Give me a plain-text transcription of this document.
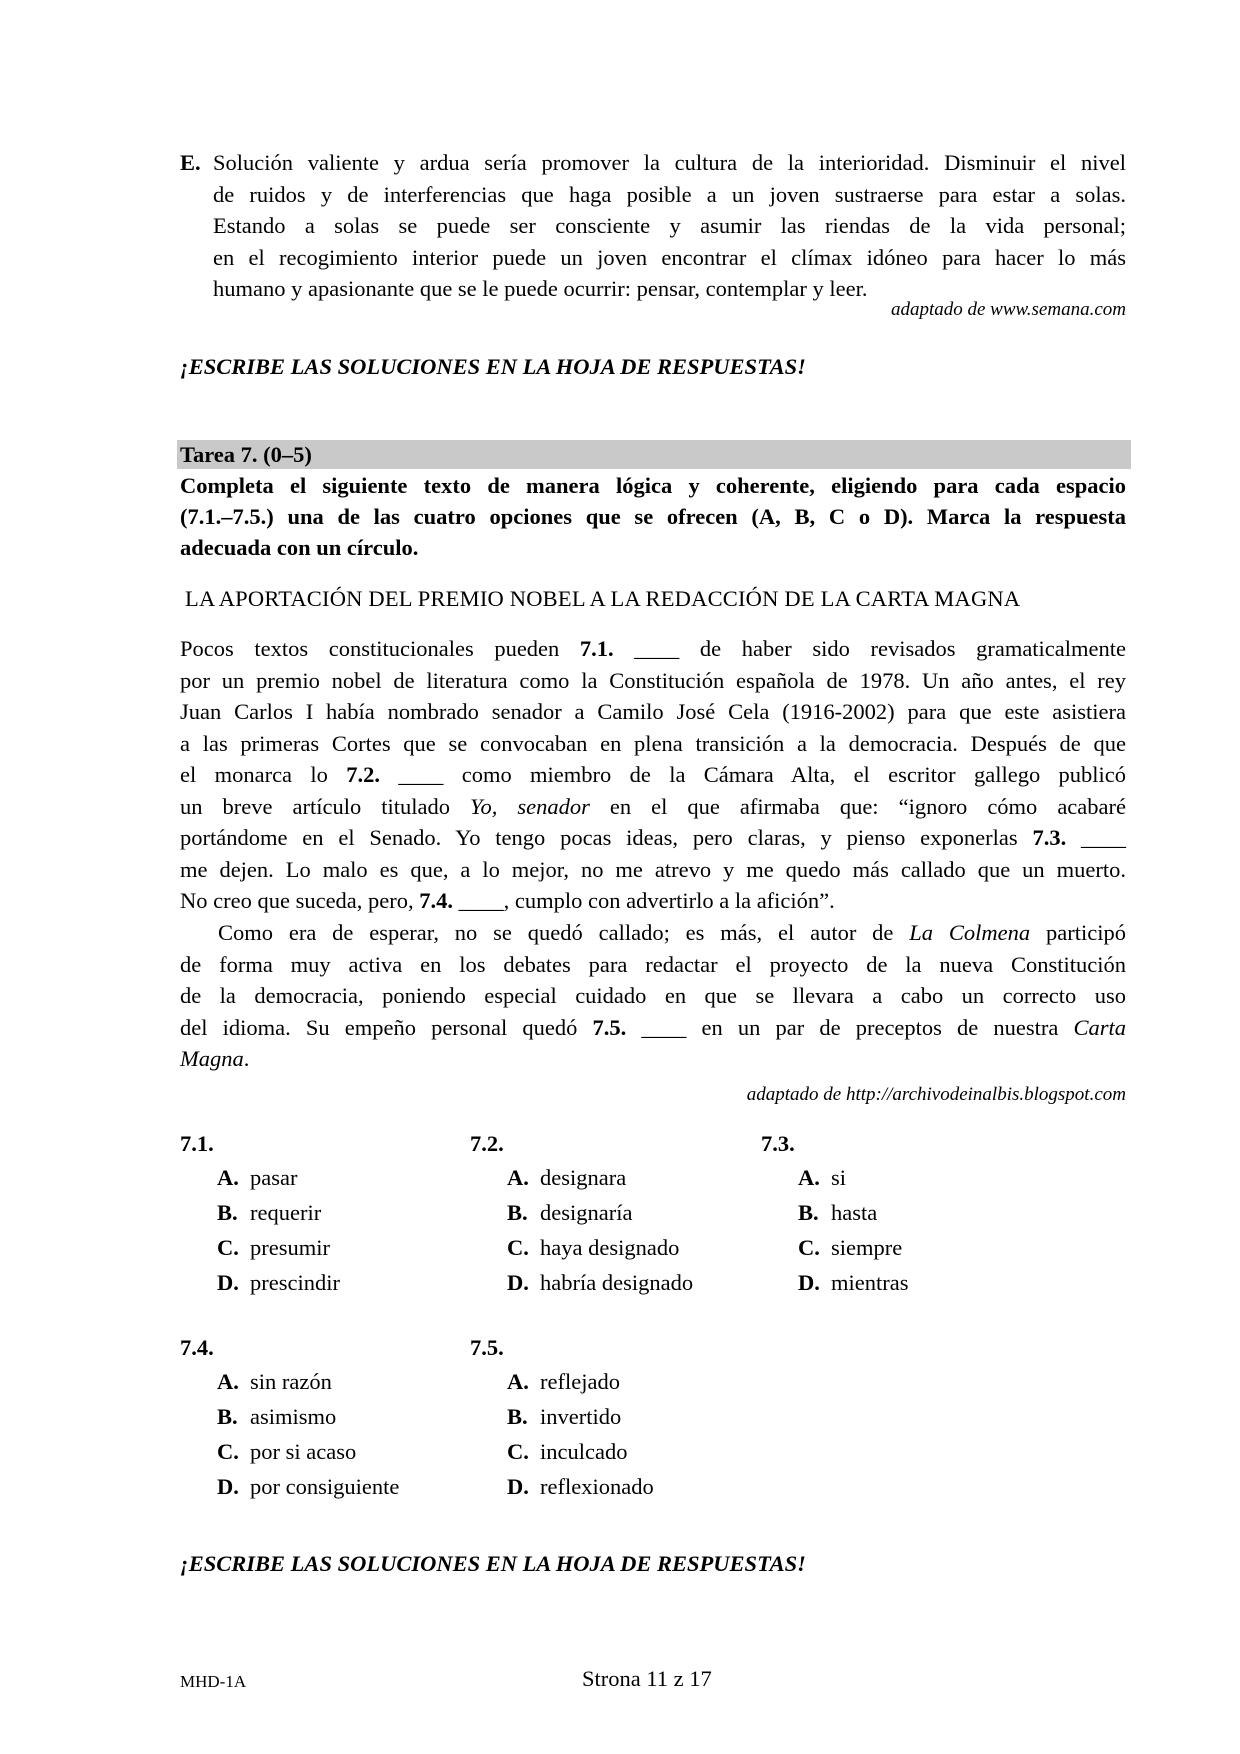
E. Solución valiente y ardua sería promover la cultura de la interioridad. Disminuir el nivel
de ruidos y de interferencias que haga posible a un joven sustraerse para estar a solas.
Estando a solas se puede ser consciente y asumir las riendas de la vida personal;
en el recogimiento interior puede un joven encontrar el clímax idóneo para hacer lo más
humano y apasionante que se le puede ocurrir: pensar, contemplar y leer.
adaptado de www.semana.com
¡ESCRIBE LAS SOLUCIONES EN LA HOJA DE RESPUESTAS!
Tarea 7. (0–5)
Completa el siguiente texto de manera lógica y coherente, eligiendo para cada espacio
(7.1.–7.5.) una de las cuatro opciones que se ofrecen (A, B, C o D). Marca la respuesta
adecuada con un círculo.
LA APORTACIÓN DEL PREMIO NOBEL A LA REDACCIÓN DE LA CARTA MAGNA
Pocos textos constitucionales pueden 7.1. ____ de haber sido revisados gramaticalmente
por un premio nobel de literatura como la Constitución española de 1978. Un año antes, el rey
Juan Carlos I había nombrado senador a Camilo José Cela (1916-2002) para que este asistiera
a las primeras Cortes que se convocaban en plena transición a la democracia. Después de que
el monarca lo 7.2. ____ como miembro de la Cámara Alta, el escritor gallego publicó
un breve artículo titulado Yo, senador en el que afirmaba que: “ignoro cómo acabaré
portándome en el Senado. Yo tengo pocas ideas, pero claras, y pienso exponerlas 7.3. ____
me dejen. Lo malo es que, a lo mejor, no me atrevo y me quedo más callado que un muerto.
No creo que suceda, pero, 7.4. ____, cumplo con advertirlo a la afición”.
Como era de esperar, no se quedó callado; es más, el autor de La Colmena participó
de forma muy activa en los debates para redactar el proyecto de la nueva Constitución
de la democracia, poniendo especial cuidado en que se llevara a cabo un correcto uso
del idioma. Su empeño personal quedó 7.5. ____ en un par de preceptos de nuestra Carta
Magna.
adaptado de http://archivodeinalbis.blogspot.com
7.1.
A. pasar
B. requerir
C. presumir
D. prescindir
7.2.
A. designara
B. designaría
C. haya designado
D. habría designado
7.3.
A. si
B. hasta
C. siempre
D. mientras
7.4.
A. sin razón
B. asimismo
C. por si acaso
D. por consiguiente
7.5.
A. reflejado
B. invertido
C. inculcado
D. reflexionado
¡ESCRIBE LAS SOLUCIONES EN LA HOJA DE RESPUESTAS!
MHD-1A	Strona 11 z 17
